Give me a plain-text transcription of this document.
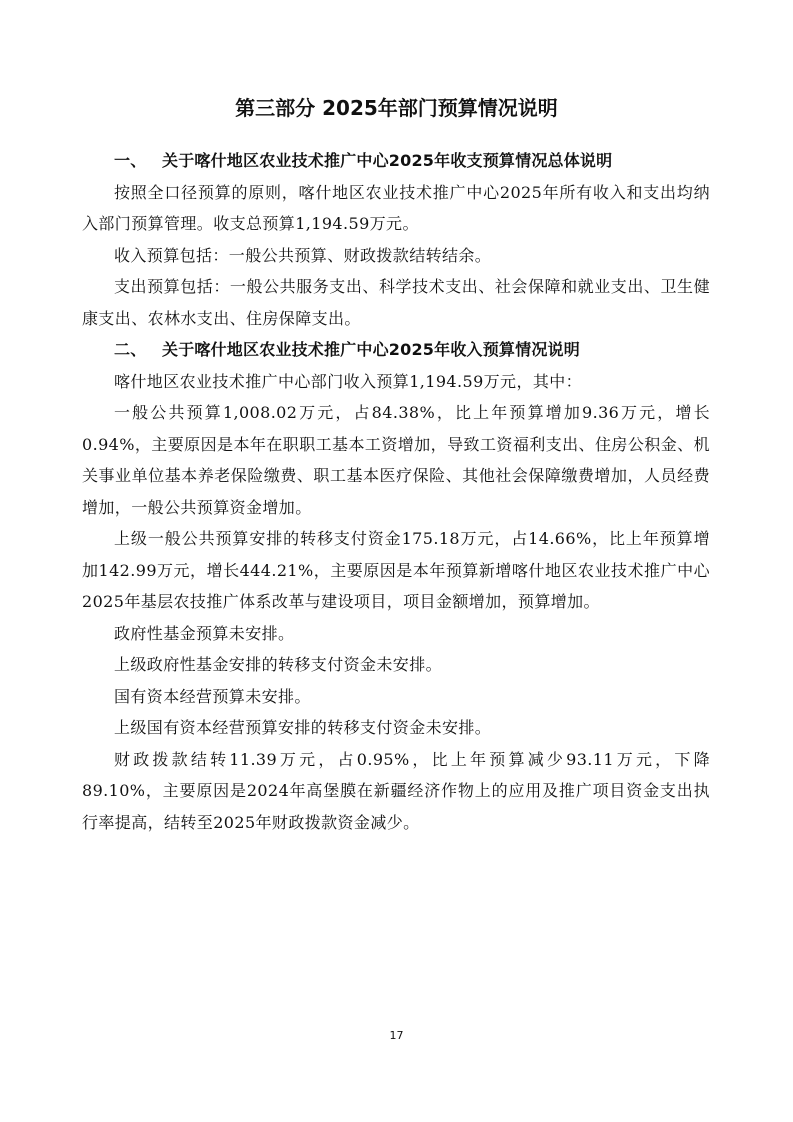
第三部分 2025年部门预算情况说明

一、 关于喀什地区农业技术推广中心2025年收支预算情况总体说明

按照全口径预算的原则，喀什地区农业技术推广中心2025年所有收入和支出均纳入部门预算管理。收支总预算1,194.59万元。

收入预算包括：一般公共预算、财政拨款结转结余。

支出预算包括：一般公共服务支出、科学技术支出、社会保障和就业支出、卫生健康支出、农林水支出、住房保障支出。

二、 关于喀什地区农业技术推广中心2025年收入预算情况说明

喀什地区农业技术推广中心部门收入预算1,194.59万元，其中：

一般公共预算1,008.02万元，占84.38%，比上年预算增加9.36万元，增长0.94%，主要原因是本年在职职工基本工资增加，导致工资福利支出、住房公积金、机关事业单位基本养老保险缴费、职工基本医疗保险、其他社会保障缴费增加，人员经费增加，一般公共预算资金增加。

上级一般公共预算安排的转移支付资金175.18万元，占14.66%，比上年预算增加142.99万元，增长444.21%，主要原因是本年预算新增喀什地区农业技术推广中心2025年基层农技推广体系改革与建设项目，项目金额增加，预算增加。

政府性基金预算未安排。

上级政府性基金安排的转移支付资金未安排。

国有资本经营预算未安排。

上级国有资本经营预算安排的转移支付资金未安排。

财政拨款结转11.39万元，占0.95%，比上年预算减少93.11万元，下降89.10%，主要原因是2024年高堡膜在新疆经济作物上的应用及推广项目资金支出执行率提高，结转至2025年财政拨款资金减少。

17
